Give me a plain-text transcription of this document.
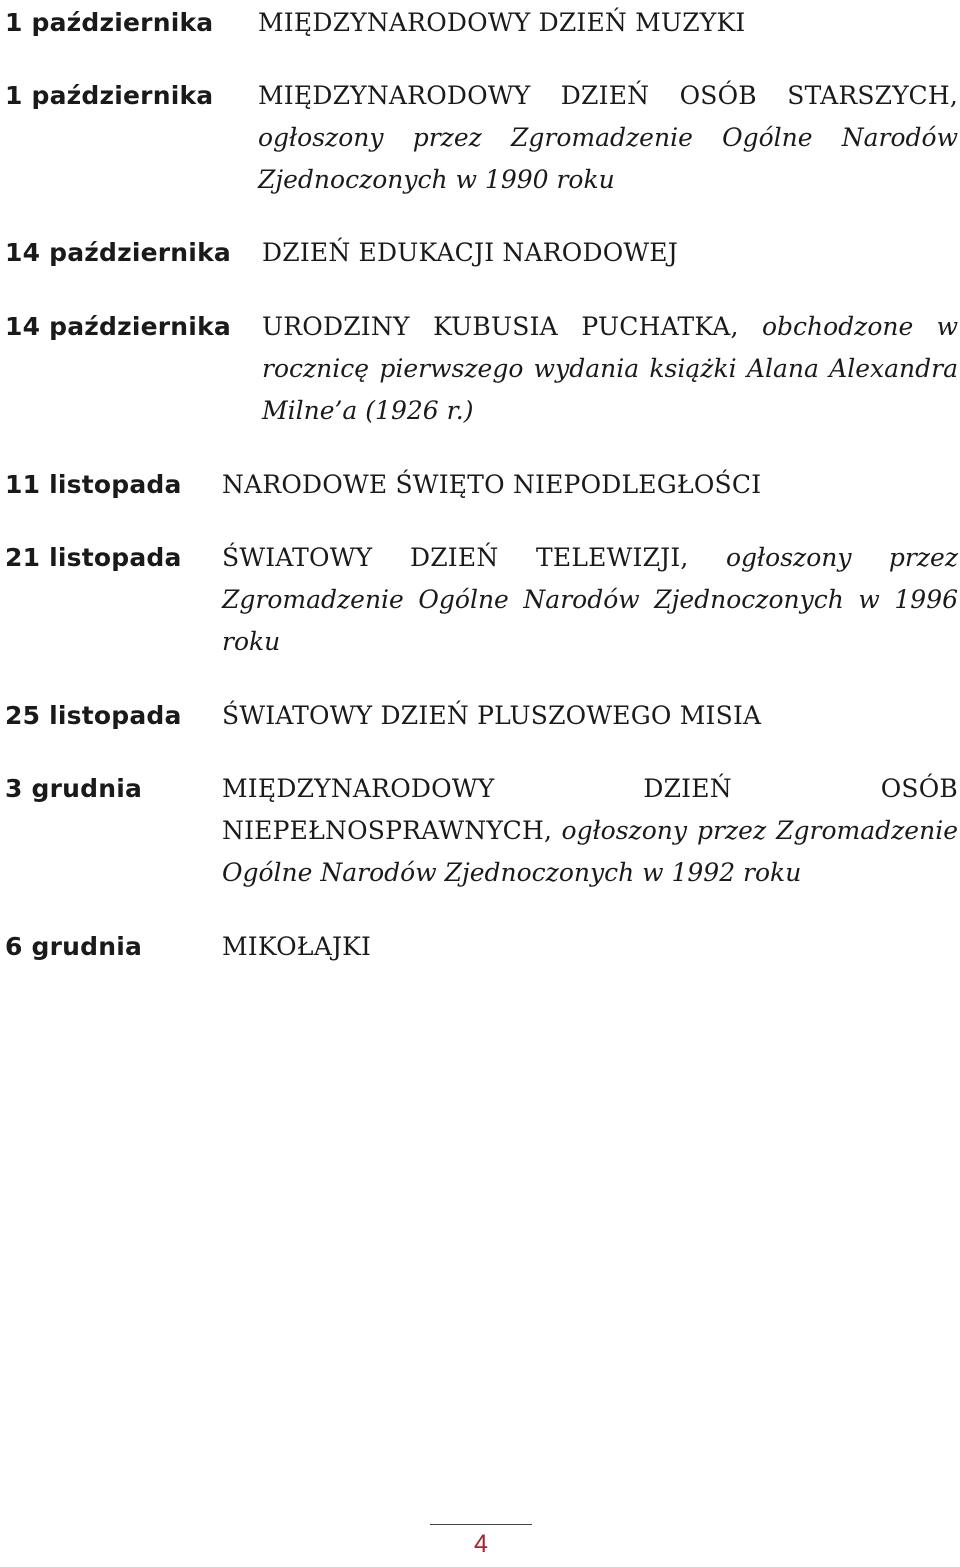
1 października MIĘDZYNARODOWY DZIEŃ MUZYKI
1 października MIĘDZYNARODOWY DZIEŃ OSÓB STARSZYCH, ogłoszony przez Zgromadzenie Ogólne Narodów Zjednoczonych w 1990 roku
14 października DZIEŃ EDUKACJI NARODOWEJ
14 października URODZINY KUBUSIA PUCHATKA, obchodzone w rocznicę pierwszego wydania książki Alana Alexandra Milne’a (1926 r.)
11 listopada NARODOWE ŚWIĘTO NIEPODLEGŁOŚCI
21 listopada ŚWIATOWY DZIEŃ TELEWIZJI, ogłoszony przez Zgromadzenie Ogólne Narodów Zjednoczonych w 1996 roku
25 listopada ŚWIATOWY DZIEŃ PLUSZOWEGO MISIA
3 grudnia	MIĘDZYNARODOWY DZIEŃ OSÓB NIEPEŁNOSPRAWNYCH, ogłoszony przez Zgromadzenie Ogólne Narodów Zjednoczonych w 1992 roku
6 grudnia	MIKOŁAJKI
4
